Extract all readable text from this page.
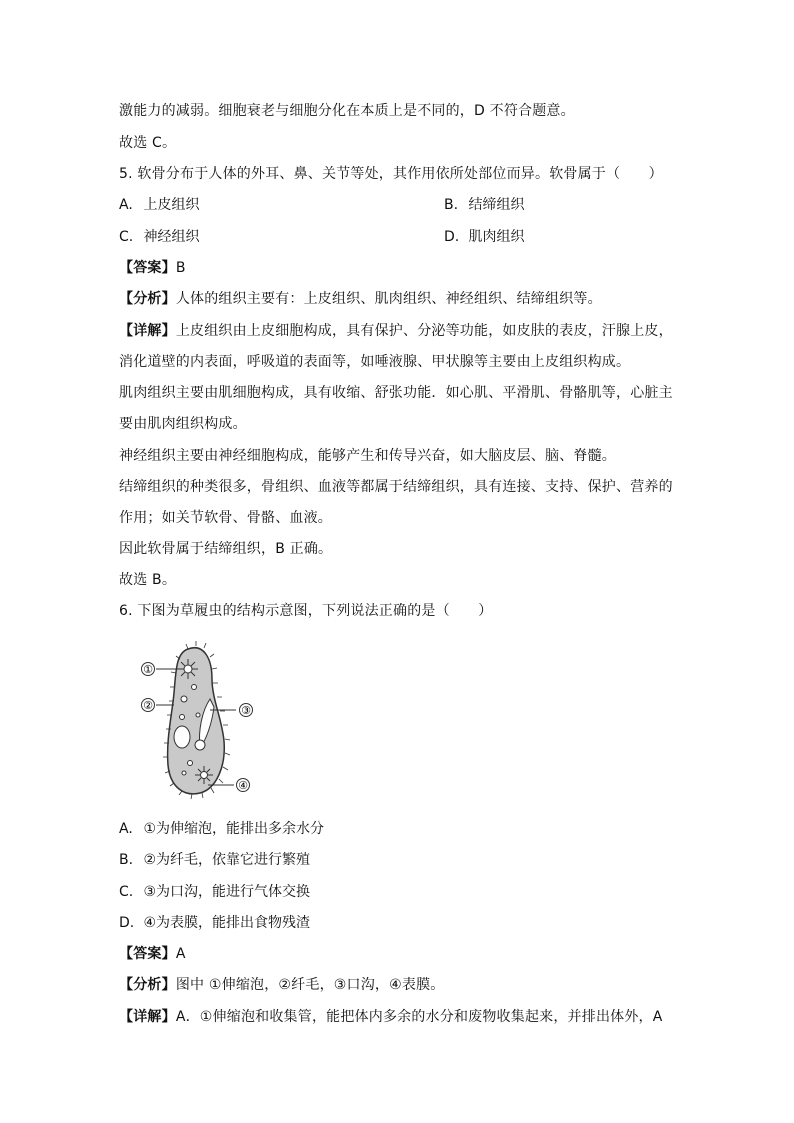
激能力的减弱。细胞衰老与细胞分化在本质上是不同的，D 不符合题意。
故选 C。
5. 软骨分布于人体的外耳、鼻、关节等处，其作用依所处部位而异。软骨属于（　　）
A. 上皮组织	B. 结缔组织
C. 神经组织	D. 肌肉组织
【答案】B
【分析】人体的组织主要有：上皮组织、肌肉组织、神经组织、结缔组织等。
【详解】上皮组织由上皮细胞构成，具有保护、分泌等功能，如皮肤的表皮，汗腺上皮，
消化道壁的内表面，呼吸道的表面等，如唾液腺、甲状腺等主要由上皮组织构成。
肌肉组织主要由肌细胞构成，具有收缩、舒张功能．如心肌、平滑肌、骨骼肌等，心脏主
要由肌肉组织构成。
神经组织主要由神经细胞构成，能够产生和传导兴奋，如大脑皮层、脑、脊髓。
结缔组织的种类很多，骨组织、血液等都属于结缔组织，具有连接、支持、保护、营养的
作用；如关节软骨、骨骼、血液。
因此软骨属于结缔组织，B 正确。
故选 B。
6. 下图为草履虫的结构示意图，下列说法正确的是（　　）
①
②	③
④
A. ①为伸缩泡，能排出多余水分
B. ②为纤毛，依靠它进行繁殖
C. ③为口沟，能进行气体交换
D. ④为表膜，能排出食物残渣
【答案】A
【分析】图中 ①伸缩泡，②纤毛，③口沟，④表膜。
【详解】A．①伸缩泡和收集管，能把体内多余的水分和废物收集起来，并排出体外，A
